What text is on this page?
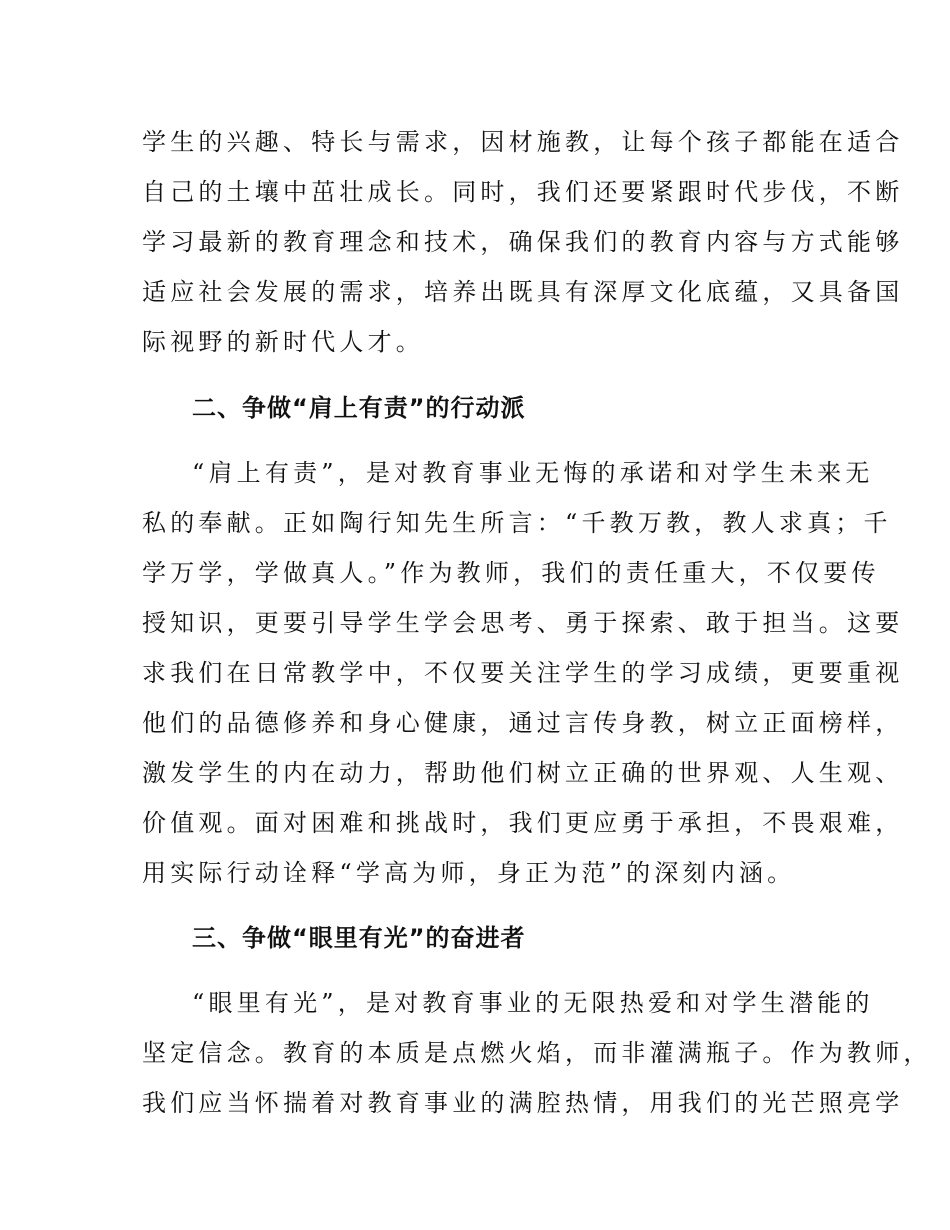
学生的兴趣、特长与需求，因材施教，让每个孩子都能在适合
自己的土壤中茁壮成长。同时，我们还要紧跟时代步伐，不断
学习最新的教育理念和技术，确保我们的教育内容与方式能够
适应社会发展的需求，培养出既具有深厚文化底蕴，又具备国
际视野的新时代人才。
二、争做“肩上有责”的行动派
“肩上有责”，是对教育事业无悔的承诺和对学生未来无
私的奉献。正如陶行知先生所言：“千教万教，教人求真；千
学万学，学做真人。”作为教师，我们的责任重大，不仅要传
授知识，更要引导学生学会思考、勇于探索、敢于担当。这要
求我们在日常教学中，不仅要关注学生的学习成绩，更要重视
他们的品德修养和身心健康，通过言传身教，树立正面榜样，
激发学生的内在动力，帮助他们树立正确的世界观、人生观、
价值观。面对困难和挑战时，我们更应勇于承担，不畏艰难，
用实际行动诠释“学高为师，身正为范”的深刻内涵。
三、争做“眼里有光”的奋进者
“眼里有光”，是对教育事业的无限热爱和对学生潜能的
坚定信念。教育的本质是点燃火焰，而非灌满瓶子。作为教师，
我们应当怀揣着对教育事业的满腔热情，用我们的光芒照亮学
